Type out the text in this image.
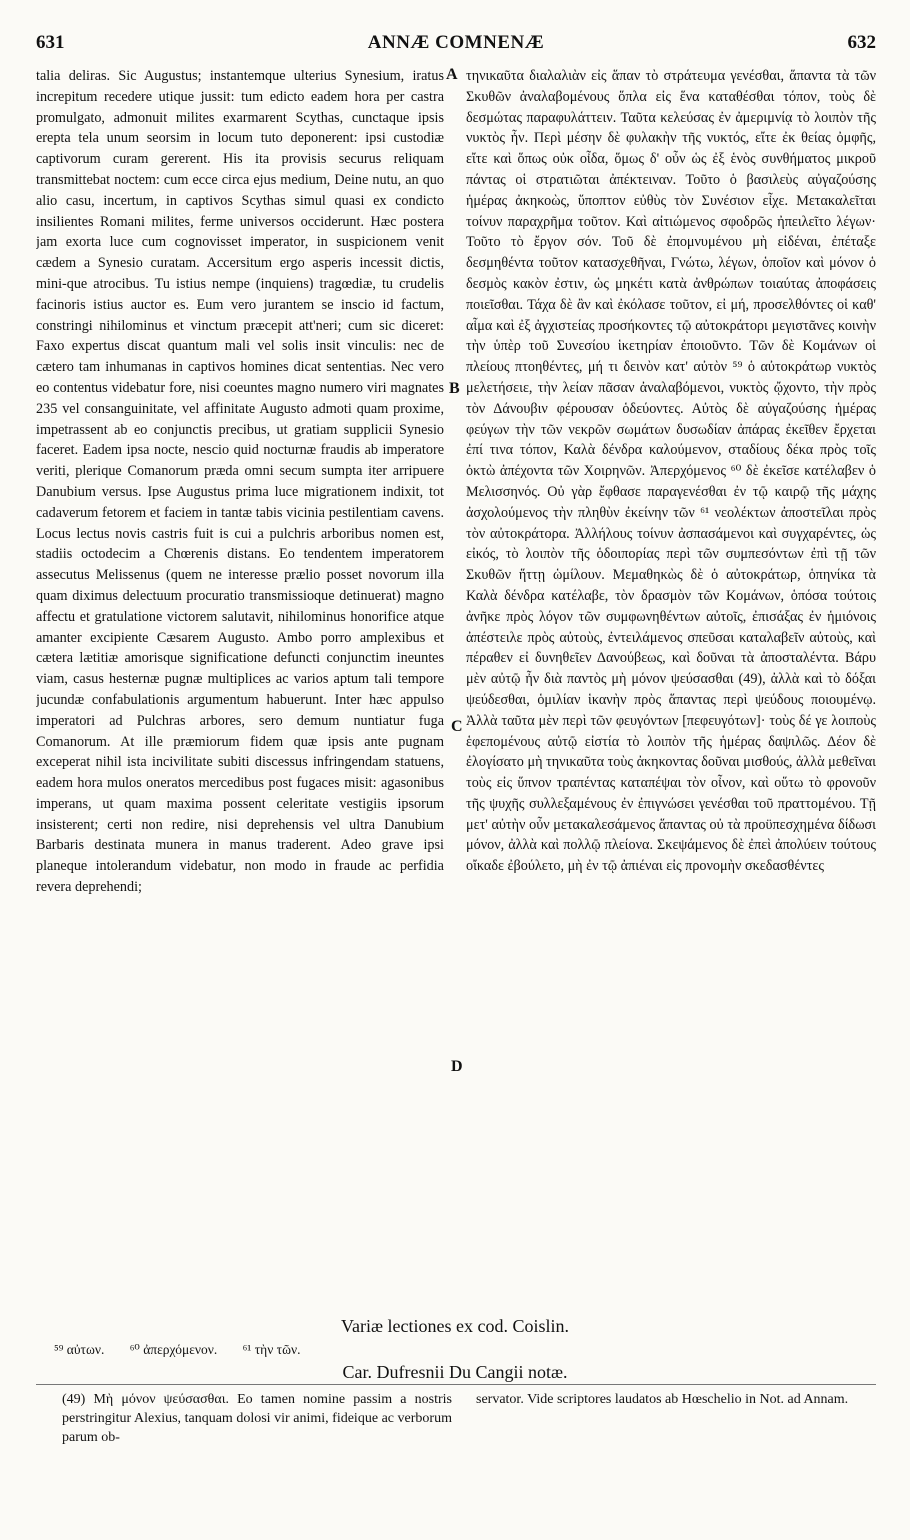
631	ANNÆ COMNENÆ	632

talia deliras. Sic Augustus; instantemque ulterius Synesium, iratus increpitum recedere utique jussit: tum edicto eadem hora per castra promulgato, admonuit milites exarmarent Scythas, cunctaque ipsis erepta tela unum seorsim in locum tuto deponerent: ipsi custodiæ captivorum curam gererent. His ita provisis securus reliquam transmittebat noctem: cum ecce circa ejus medium, Deine nutu, an quo alio casu, incertum, in captivos Scythas simul quasi ex condicto insilientes Romani milites, ferme universos occiderunt. Hæc postera jam exorta luce cum cognovisset imperator, in suspicionem venit cædem a Synesio curatam. Accersitum ergo asperis incessit dictis, mini-que atrocibus. Tu istius nempe (inquiens) tragœdiæ, tu crudelis facinoris istius auctor es. Eum vero jurantem se inscio id factum, constringi nihilominus et vinctum præcepit att'neri; cum sic diceret: Faxo expertus discat quantum mali vel solis insit vinculis: nec de cætero tam inhumanas in captivos homines dicat sententias. Nec vero eo contentus videbatur fore, nisi coeuntes magno numero viri magnates 235 vel consanguinitate, vel affinitate Augusto admoti quam proxime, impetrassent ab eo conjunctis precibus, ut gratiam supplicii Synesio faceret. Eadem ipsa nocte, nescio quid nocturnæ fraudis ab imperatore veriti, plerique Comanorum præda omni secum sumpta iter arripuere Danubium versus. Ipse Augustus prima luce migrationem indixit, tot cadaverum fetorem et faciem in tantæ tabis vicinia pestilentiam cavens. Locus lectus novis castris fuit is cui a pulchris arboribus nomen est, stadiis octodecim a Chœrenis distans. Eo tendentem imperatorem assecutus Melissenus (quem ne interesse prælio posset novorum illa quam diximus delectuum procuratio transmissioque detinuerat) magno affectu et gratulatione victorem salutavit, nihilominus honorifice atque amanter excipiente Cæsarem Augusto. Ambo porro amplexibus et cætera lætitiæ amorisque significatione defuncti conjunctim ineuntes viam, casus hesternæ pugnæ multiplices ac varios aptum tali tempore jucundæ confabulationis argumentum habuerunt. Inter hæc appulso imperatori ad Pulchras arbores, sero demum nuntiatur fuga Comanorum. At ille præmiorum fidem quæ ipsis ante pugnam exceperat nihil ista incivilitate subiti discessus infringendam statuens, eadem hora mulos oneratos mercedibus post fugaces misit: agasonibus imperans, ut quam maxima possent celeritate vestigiis ipsorum insisterent; certi non redire, nisi deprehensis vel ultra Danubium Barbaris destinata munera in manus traderent. Adeo grave ipsi planeque intolerandum videbatur, non modo in fraude ac perfidia revera deprehendi;

A
B
C
D

τηνικαῦτα διαλαλιὰν εἰς ἅπαν τὸ στράτευμα γενέσθαι, ἅπαντα τὰ τῶν Σκυθῶν ἀναλαβομένους ὅπλα εἰς ἕνα καταθέσθαι τόπον, τοὺς δὲ δεσμώτας παραφυλάττειν. Ταῦτα κελεύσας ἐν ἀμεριμνίᾳ τὸ λοιπὸν τῆς νυκτὸς ἦν. Περὶ μέσην δὲ φυλακὴν τῆς νυκτός, εἴτε ἐκ θείας ὀμφῆς, εἴτε καὶ ὅπως οὐκ οἶδα, ὅμως δ' οὖν ὡς ἐξ ἑνὸς συνθήματος μικροῦ πάντας οἱ στρατιῶται ἀπέκτειναν. Τοῦτο ὁ βασιλεὺς αὐγαζούσης ἡμέρας ἀκηκοὼς, ὕποπτον εὐθὺς τὸν Συνέσιον εἶχε. Μετακαλεῖται τοίνυν παραχρῆμα τοῦτον. Καὶ αἰτιώμενος σφοδρῶς ἠπειλεῖτο λέγων· Τοῦτο τὸ ἔργον σόν. Τοῦ δὲ ἐπομνυμένου μὴ εἰδέναι, ἐπέταξε δεσμηθέντα τοῦτον κατασχεθῆναι, Γνώτω, λέγων, ὁποῖον καὶ μόνον ὁ δεσμὸς κακὸν ἐστιν, ὡς μηκέτι κατὰ ἀνθρώπων τοιαύτας ἀποφάσεις ποιεῖσθαι. Τάχα δὲ ἂν καὶ ἐκόλασε τοῦτον, εἰ μή, προσελθόντες οἱ καθ' αἷμα καὶ ἐξ ἀγχιστείας προσήκοντες τῷ αὐτοκράτορι μεγιστᾶνες κοινὴν τὴν ὑπὲρ τοῦ Συνεσίου ἱκετηρίαν ἐποιοῦντο. Τῶν δὲ Κομάνων οἱ πλείους πτοηθέντες, μή τι δεινὸν κατ' αὐτὸν ⁵⁹ ὁ αὐτοκράτωρ νυκτὸς μελετήσειε, τὴν λείαν πᾶσαν ἀναλαβόμενοι, νυκτὸς ᾤχοντο, τὴν πρὸς τὸν Δάνουβιν φέρουσαν ὁδεύοντες. Αὐτὸς δὲ αὐγαζούσης ἡμέρας φεύγων τὴν τῶν νεκρῶν σωμάτων δυσωδίαν ἀπάρας ἐκεῖθεν ἔρχεται ἐπί τινα τόπον, Καλὰ δένδρα καλούμενον, σταδίους δέκα πρὸς τοῖς ὀκτὼ ἀπέχοντα τῶν Χοιρηνῶν. Ἀπερχόμενος ⁶⁰ δὲ ἐκεῖσε κατέλαβεν ὁ Μελισσηνός. Οὐ γὰρ ἔφθασε παραγενέσθαι ἐν τῷ καιρῷ τῆς μάχης ἀσχολούμενος τὴν πληθὺν ἐκείνην τῶν ⁶¹ νεολέκτων ἀποστεῖλαι πρὸς τὸν αὐτοκράτορα. Ἀλλήλους τοίνυν ἀσπασάμενοι καὶ συγχαρέντες, ὡς εἰκός, τὸ λοιπὸν τῆς ὁδοιπορίας περὶ τῶν συμπεσόντων ἐπὶ τῇ τῶν Σκυθῶν ἥττῃ ὡμίλουν. Μεμαθηκὼς δὲ ὁ αὐτοκράτωρ, ὁπηνίκα τὰ Καλὰ δένδρα κατέλαβε, τὸν δρασμὸν τῶν Κομάνων, ὁπόσα τούτοις ἀνῆκε πρὸς λόγον τῶν συμφωνηθέντων αὐτοῖς, ἐπισάξας ἐν ἡμιόνοις ἀπέστειλε πρὸς αὐτοὺς, ἐντειλάμενος σπεῦσαι καταλαβεῖν αὐτοὺς, καὶ πέραθεν εἰ δυνηθεῖεν Δανούβεως, καὶ δοῦναι τὰ ἀποσταλέντα. Βάρυ μὲν αὐτῷ ἦν διὰ παντὸς μὴ μόνον ψεύσασθαι (49), ἀλλὰ καὶ τὸ δόξαι ψεύδεσθαι, ὁμιλίαν ἱκανὴν πρὸς ἅπαντας περὶ ψεύδους ποιουμένῳ. Ἀλλὰ ταῦτα μὲν περὶ τῶν φευγόντων [πεφευγότων]· τοὺς δέ γε λοιποὺς ἑφεπομένους αὐτῷ εἰστία τὸ λοιπὸν τῆς ἡμέρας δαψιλῶς. Δέον δὲ ἐλογίσατο μὴ τηνικαῦτα τοὺς ἀκηκοντας δοῦναι μισθούς, ἀλλὰ μεθεῖναι τοὺς εἰς ὕπνον τραπέντας καταπέψαι τὸν οἶνον, καὶ οὕτω τὸ φρονοῦν τῆς ψυχῆς συλλεξαμένους ἐν ἐπιγνώσει γενέσθαι τοῦ πραττομένου. Τῇ μετ' αὐτὴν οὖν μετακαλεσάμενος ἅπαντας οὐ τὰ προϋπεσχημένα δίδωσι μόνον, ἀλλὰ καὶ πολλῷ πλείονα. Σκεψάμενος δὲ ἐπεὶ ἀπολύειν τούτους οἴκαδε ἐβούλετο, μὴ ἐν τῷ ἀπιέναι εἰς προνομὴν σκεδασθέντες

Variæ lectiones ex cod. Coislin.
⁵⁹ αὐτων. ⁶⁰ ἀπερχόμενον. ⁶¹ τὴν τῶν.
Car. Dufresnii Du Cangii notæ.

(49) Μὴ μόνον ψεύσασθαι. Eo tamen nomine passim a nostris perstringitur Alexius, tanquam dolosi vir animi, fideique ac verborum parum ob-

servator. Vide scriptores laudatos ab Hœschelio in Not. ad Annam.
